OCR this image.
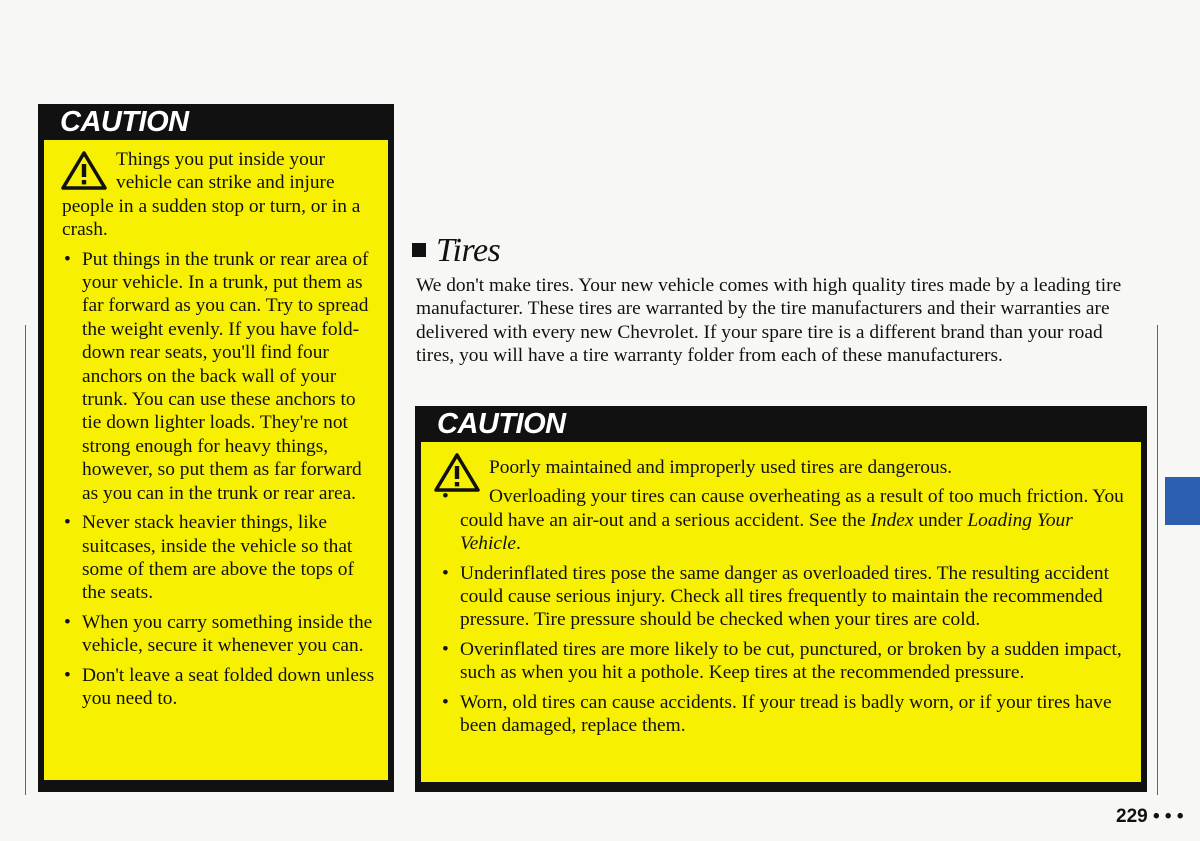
CAUTION

Things you put inside your vehicle can strike and injure people in a sudden stop or turn, or in a crash.

• Put things in the trunk or rear area of your vehicle. In a trunk, put them as far forward as you can. Try to spread the weight evenly. If you have fold-down rear seats, you'll find four anchors on the back wall of your trunk. You can use these anchors to tie down lighter loads. They're not strong enough for heavy things, however, so put them as far forward as you can in the trunk or rear area.
• Never stack heavier things, like suitcases, inside the vehicle so that some of them are above the tops of the seats.
• When you carry something inside the vehicle, secure it whenever you can.
• Don't leave a seat folded down unless you need to.
Tires
We don't make tires. Your new vehicle comes with high quality tires made by a leading tire manufacturer. These tires are warranted by the tire manufacturers and their warranties are delivered with every new Chevrolet. If your spare tire is a different brand than your road tires, you will have a tire warranty folder from each of these manufacturers.
CAUTION

Poorly maintained and improperly used tires are dangerous.

• Overloading your tires can cause overheating as a result of too much friction. You could have an air-out and a serious accident. See the Index under Loading Your Vehicle.
• Underinflated tires pose the same danger as overloaded tires. The resulting accident could cause serious injury. Check all tires frequently to maintain the recommended pressure. Tire pressure should be checked when your tires are cold.
• Overinflated tires are more likely to be cut, punctured, or broken by a sudden impact, such as when you hit a pothole. Keep tires at the recommended pressure.
• Worn, old tires can cause accidents. If your tread is badly worn, or if your tires have been damaged, replace them.
229 • • •
